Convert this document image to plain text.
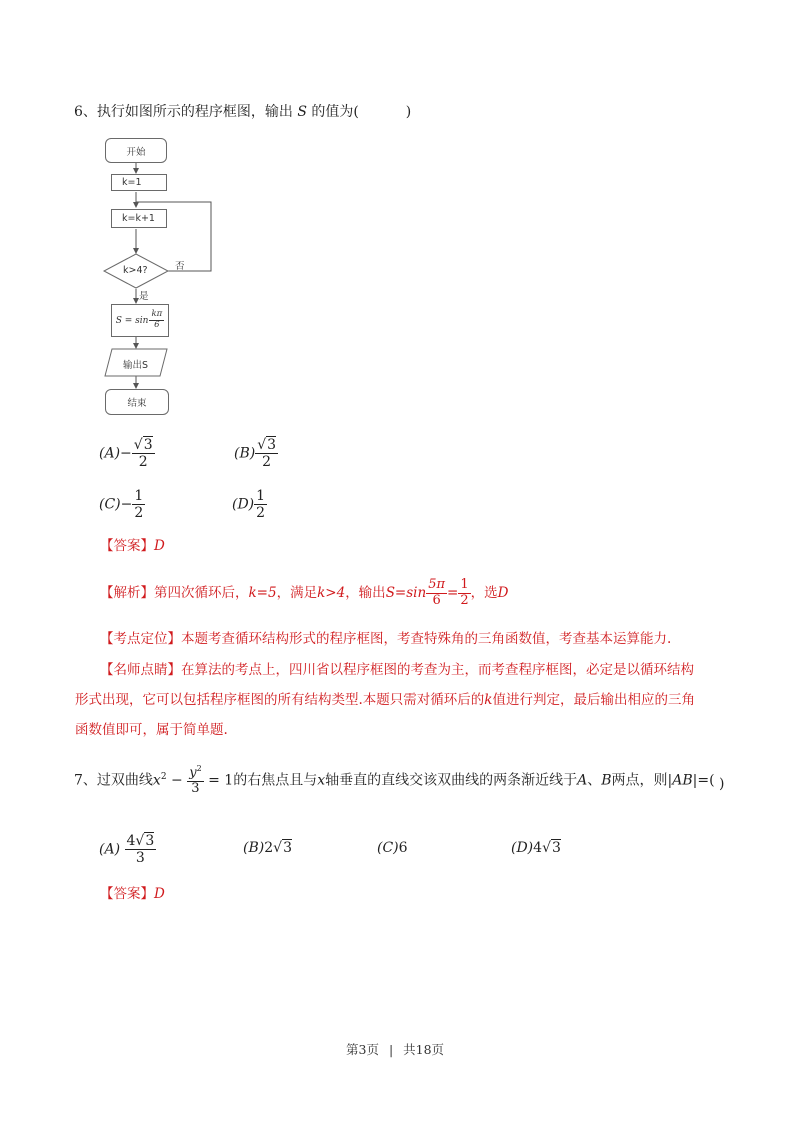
6、执行如图所示的程序框图，输出 S 的值为(	)
开始
k=1
k=k+1
k>4?	否
是
$S = \sin \frac{k\pi}{6}$
输出S
结束
$(A)- \frac{√3}{2}$	$(B) \frac{√3}{2}$
$(C)- \frac{1}{2}$	$(D) \frac{1}{2}$
【答案】D
【解析】第四次循环后，k=5，满足k>4，输出$S=\sin \frac{5\pi}{6} = \frac{1}{2}$ ，选D
【考点定位】本题考查循环结构形式的程序框图，考查特殊角的三角函数值，考查基本运算能力.
【名师点睛】在算法的考点上，四川省以程序框图的考查为主，而考查程序框图，必定是以循环结构
形式出现，它可以包括程序框图的所有结构类型.本题只需对循环后的k值进行判定，最后输出相应的三角
函数值即可，属于简单题.
7、过双曲线$x^2 - \frac{y^2}{3} = 1$的右焦点且与x轴垂直的直线交该双曲线的两条渐近线于A、B两点，则|AB|=( )
$(A) \frac{4√3}{3}$	(B)2√3	(C)6	(D)4√3
【答案】D
第3页 | 共18页
